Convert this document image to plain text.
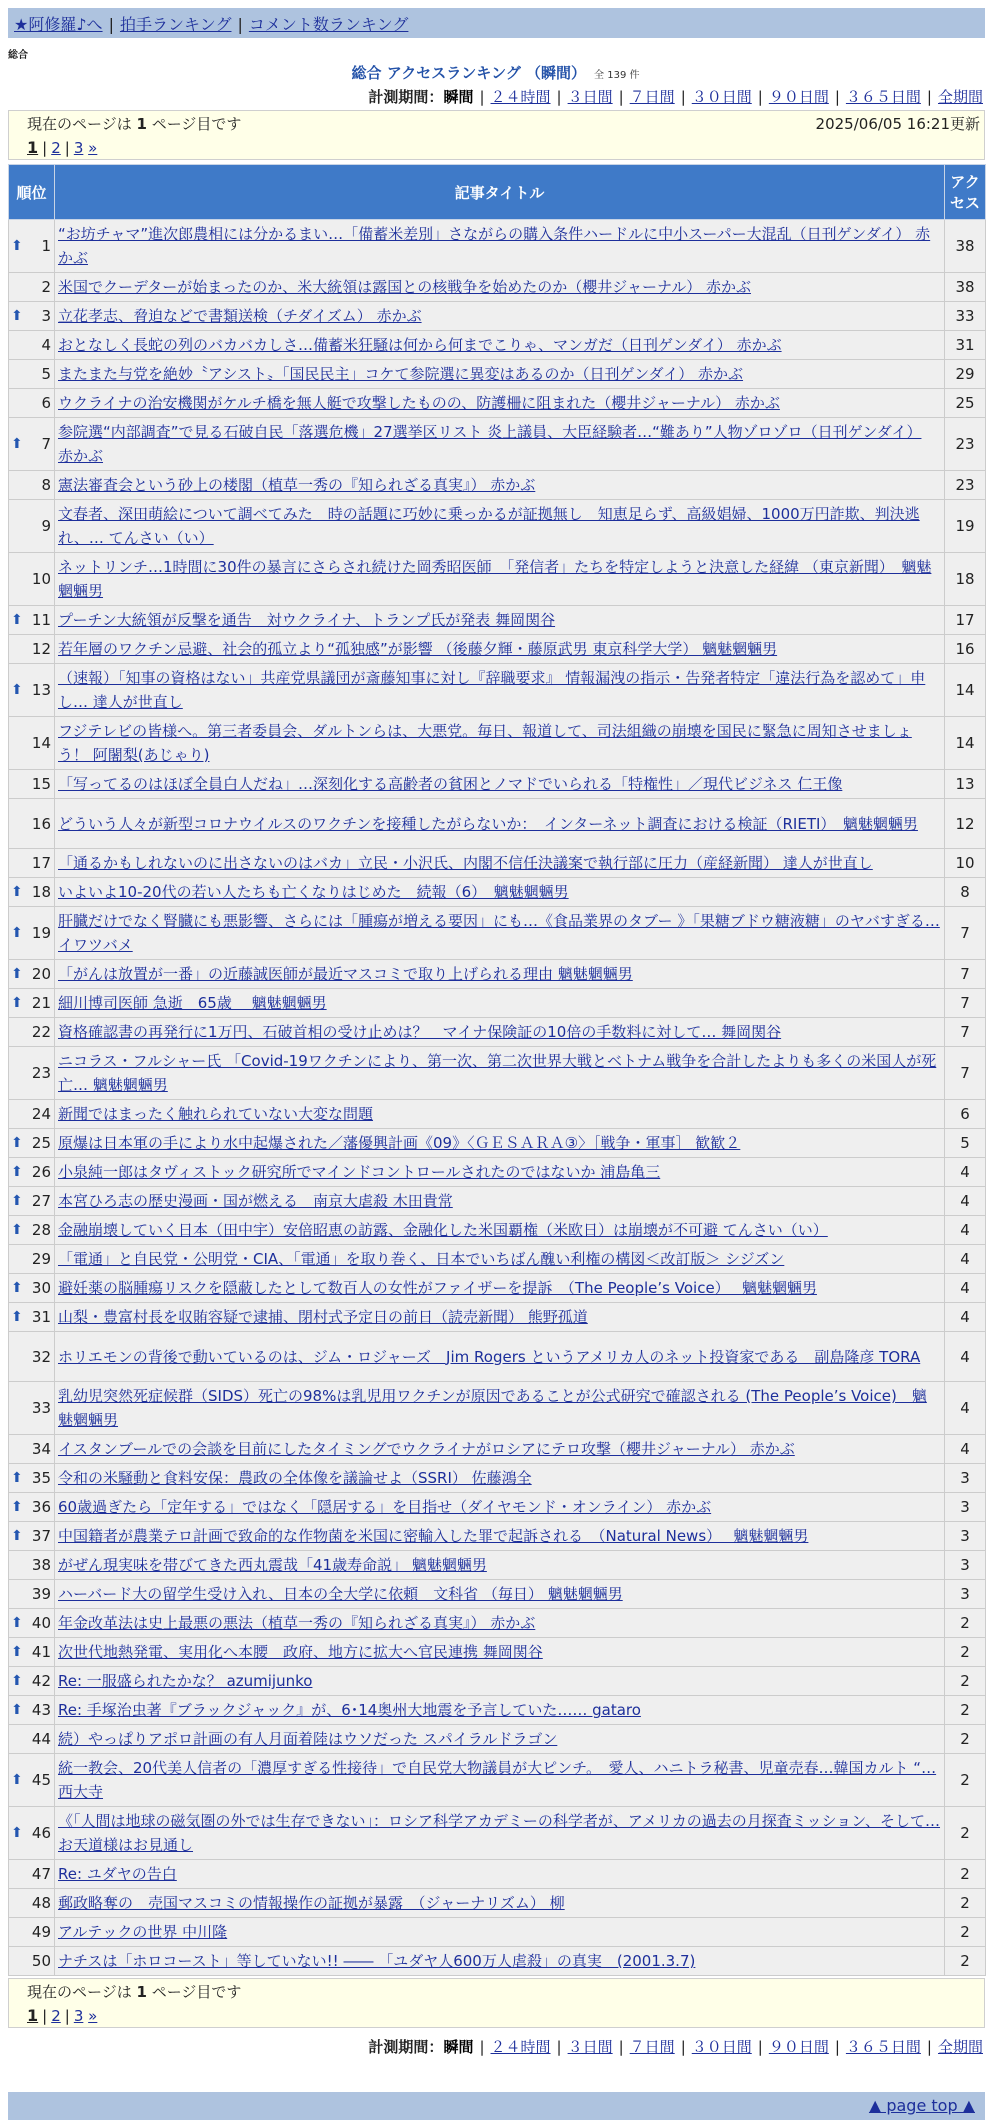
★阿修羅♪へ | 拍手ランキング | コメント数ランキング
総合
総合 アクセスランキング （瞬間） 全 139 件
計測期間：瞬間 | ２４時間 | ３日間 | ７日間 | ３０日間 | ９０日間 | ３６５日間 | 全期間
現在のページは 1 ページ目です	2025/06/05 16:21更新
1 | 2 | 3 »
順位	記事タイトル	アクセス

⬆ 1	“お坊チャマ”進次郎農相には分かるまい…「備蓄米差別」さながらの購入条件ハードルに中小スーパー大混乱（日刊ゲンダイ） 赤かぶ	38
2	米国でクーデターが始まったのか、米大統領は露国との核戦争を始めたのか（櫻井ジャーナル） 赤かぶ	38

⬆ 3	立花孝志、脅迫などで書類送検（チダイズム） 赤かぶ	33
4	おとなしく長蛇の列のバカバカしさ…備蓄米狂騒は何から何までこりゃ、マンガだ（日刊ゲンダイ） 赤かぶ	31
5	またまた与党を絶妙〝アシスト〟「国民民主」コケて参院選に異変はあるのか（日刊ゲンダイ） 赤かぶ	29
6	ウクライナの治安機関がケルチ橋を無人艇で攻撃したものの、防護柵に阻まれた（櫻井ジャーナル） 赤かぶ	25

⬆ 7	参院選“内部調査”で見る石破自民「落選危機」27選挙区リスト 炎上議員、大臣経験者…“難あり”人物ゾロゾロ（日刊ゲンダイ） 赤かぶ	23
8	憲法審査会という砂上の楼閣（植草一秀の『知られざる真実』） 赤かぶ	23
9	文春者、深田萌絵について調べてみた　時の話題に巧妙に乗っかるが証拠無し　知恵足らず、高級娼婦、1000万円詐欺、判決逃れ、… てんさい（い）	19
10	ネットリンチ…1時間に30件の暴言にさらされ続けた岡秀昭医師　「発信者」たちを特定しようと決意した経緯 （東京新聞）　魑魅魍魎男	18

⬆ 11	プーチン大統領が反撃を通告　対ウクライナ、トランプ氏が発表 舞岡関谷	17
12	若年層のワクチン忌避、社会的孤立より“孤独感”が影響 （後藤夕輝・藤原武男 東京科学大学） 魑魅魍魎男	16

⬆ 13	（速報）「知事の資格はない」共産党県議団が斎藤知事に対し『辞職要求』 情報漏洩の指示・告発者特定「違法行為を認めて」申し… 達人が世直し	14
14	フジテレビの皆様へ。第三者委員会、ダルトンらは、大悪党。毎日、報道して、司法組織の崩壊を国民に緊急に周知させましょう！ 阿闍梨(あじゃり)	14
15	「写ってるのはほぼ全員白人だね」…深刻化する高齢者の貧困とノマドでいられる「特権性」／現代ビジネス 仁王像	13
16	どういう人々が新型コロナウイルスのワクチンを接種したがらないか：　インターネット調査における検証（RIETI）　魑魅魍魎男	12
17	「通るかもしれないのに出さないのはバカ」立民・小沢氏、内閣不信任決議案で執行部に圧力（産経新聞） 達人が世直し	10

⬆ 18	いよいよ10-20代の若い人たちも亡くなりはじめた　続報（6）　魑魅魍魎男	8

⬆ 19	肝臓だけでなく腎臓にも悪影響、さらには「腫瘍が増える要因」にも…《食品業界のタブー 》「果糖ブドウ糖液糖」のヤバすぎる… イワツバメ	7

⬆ 20	「がんは放置が一番」の近藤誠医師が最近マスコミで取り上げられる理由 魑魅魍魎男	7

⬆ 21	細川博司医師 急逝　65歳　 魑魅魍魎男	7
22	資格確認書の再発行に1万円、石破首相の受け止めは？　マイナ保険証の10倍の手数料に対して… 舞岡関谷	7
23	ニコラス・フルシャー氏 「Covid-19ワクチンにより、第一次、第二次世界大戦とベトナム戦争を合計したよりも多くの米国人が死亡… 魑魅魍魎男	7
24	新聞ではまったく触れられていない大変な問題	6

⬆ 25	原爆は日本軍の手により水中起爆された／藩優興計画《09》〈ＧＥＳＡＲＡ③〉［戦争・軍事］ 歓歓２	5

⬆ 26	小泉純一郎はタヴィストック研究所でマインドコントロールされたのではないか 浦島亀三	4

⬆ 27	本宮ひろ志の歴史漫画・国が燃える　南京大虐殺 木田貴常	4

⬆ 28	金融崩壊していく日本（田中宇）安倍昭恵の訪露、金融化した米国覇権（米欧日）は崩壊が不可避 てんさい（い）	4
29	「電通」と自民党・公明党・CIA、「電通」を取り巻く、日本でいちばん醜い利権の構図＜改訂版＞ シジズン	4

⬆ 30	避妊薬の脳腫瘍リスクを隠蔽したとして数百人の女性がファイザーを提訴　（The People’s Voice）　 魑魅魍魎男	4

⬆ 31	山梨・豊富村長を収賄容疑で逮捕、閉村式予定日の前日（読売新聞） 熊野孤道	4
32	ホリエモンの背後で動いているのは、ジム・ロジャーズ　Jim Rogers というアメリカ人のネット投資家である　副島隆彦 TORA	4
33	乳幼児突然死症候群（SIDS）死亡の98%は乳児用ワクチンが原因であることが公式研究で確認される (The People’s Voice)　魑魅魍魎男	4
34	イスタンブールでの会談を目前にしたタイミングでウクライナがロシアにテロ攻撃（櫻井ジャーナル） 赤かぶ	4

⬆ 35	令和の米騒動と食料安保：農政の全体像を議論せよ（SSRI） 佐藤鴻全	3

⬆ 36	60歳過ぎたら「定年する」ではなく「隠居する」を目指せ（ダイヤモンド・オンライン） 赤かぶ	3

⬆ 37	中国籍者が農業テロ計画で致命的な作物菌を米国に密輸入した罪で起訴される　（Natural News）　 魑魅魍魎男	3
38	がぜん現実味を帯びてきた西丸震哉「41歳寿命説」 魑魅魍魎男	3
39	ハーバード大の留学生受け入れ、日本の全大学に依頼　文科省 （毎日） 魑魅魍魎男	3

⬆ 40	年金改革法は史上最悪の悪法（植草一秀の『知られざる真実』） 赤かぶ	2

⬆ 41	次世代地熱発電、実用化へ本腰　政府、地方に拡大へ官民連携 舞岡関谷	2

⬆ 42	Re: 一服盛られたかな？ azumijunko	2

⬆ 43	Re: 手塚治虫著『ブラックジャック』が、6･14奥州大地震を予言していた…… gataro	2
44	続）やっぱりアポロ計画の有人月面着陸はウソだった スパイラルドラゴン	2

⬆ 45	統一教会、20代美人信者の「濃厚すぎる性接待」で自民党大物議員が大ピンチ。　愛人、ハニトラ秘書、児童売春…韓国カルト “… 西大寺	2

⬆ 46	《「人間は地球の磁気圏の外では生存できない」：ロシア科学アカデミーの科学者が、アメリカの過去の月探査ミッション、そして… お天道様はお見通し	2
47	Re: ユダヤの告白	2
48	郵政略奪の　売国マスコミの情報操作の証拠が暴露　（ジャーナリズム） 柳	2
49	アルテックの世界 中川隆	2
50	ナチスは「ホロコースト」等していない!! ―― 「ユダヤ人600万人虐殺」の真実　(2001.3.7)	2
現在のページは 1 ページ目です
1 | 2 | 3 »
計測期間：瞬間 | ２４時間 | ３日間 | ７日間 | ３０日間 | ９０日間 | ３６５日間 | 全期間
▲ page top ▲
